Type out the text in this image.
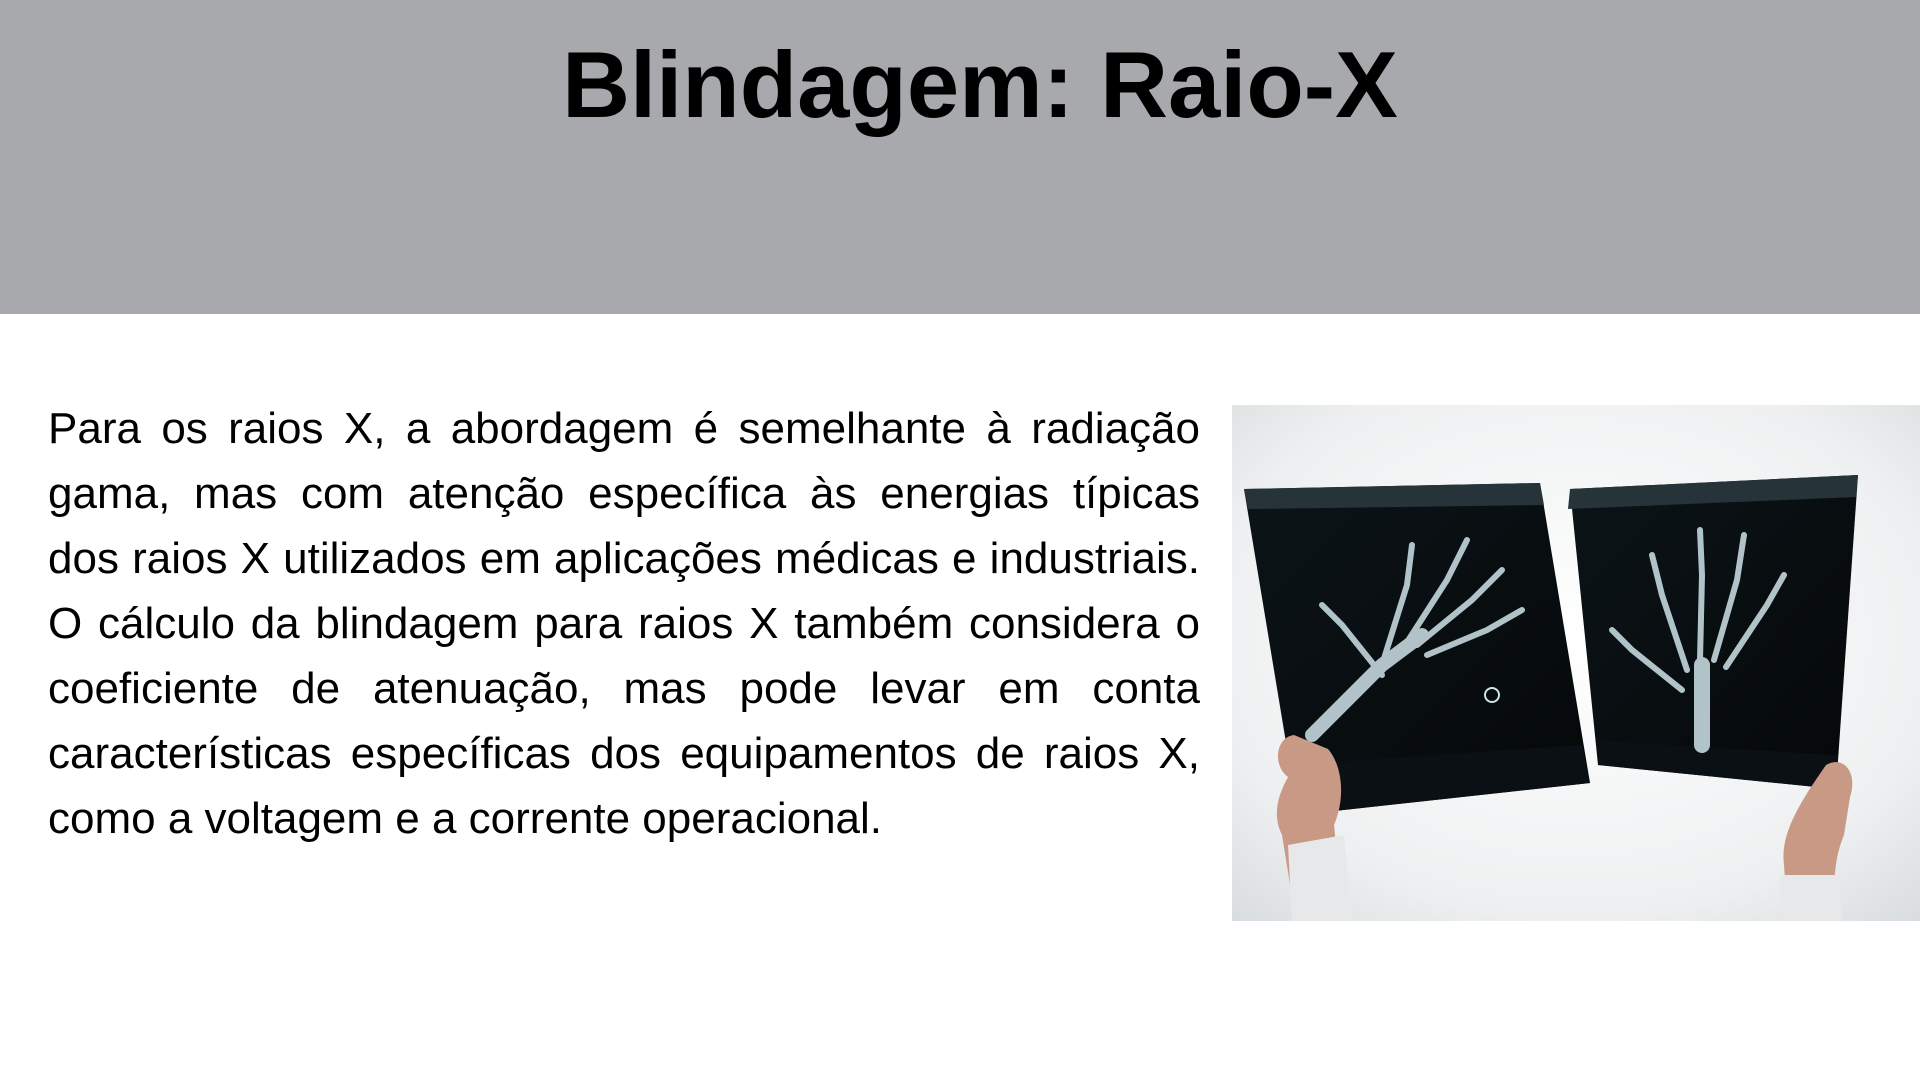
Blindagem: Raio-X

Para os raios X, a abordagem é semelhante à radiação gama, mas com atenção específica às energias típicas dos raios X utilizados em aplicações médicas e industriais. O cálculo da blindagem para raios X também considera o coeficiente de atenuação, mas pode levar em conta características específicas dos equipamentos de raios X, como a voltagem e a corrente operacional.
